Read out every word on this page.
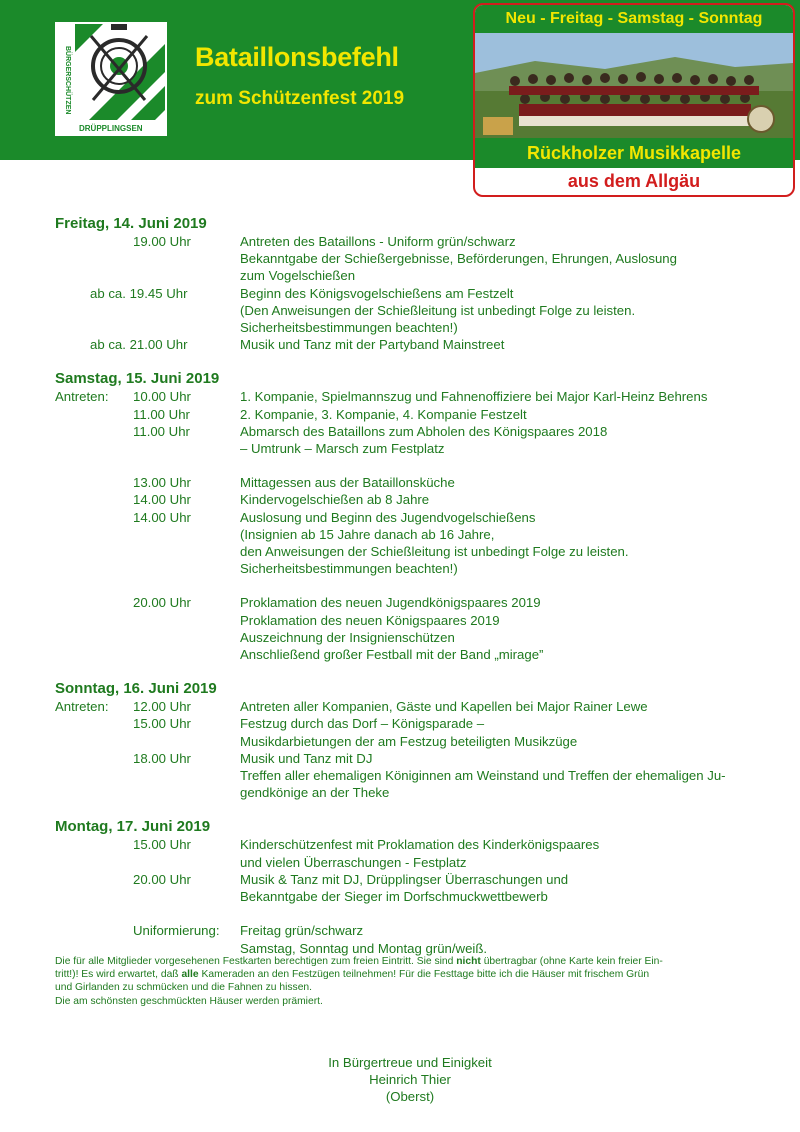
BÜRGERSCHÜTZEN
DRÜPPLINGSEN
Bataillonsbefehl
zum Schützenfest 2019
Neu - Freitag - Samstag - Sonntag
Rückholzer Musikkapelle
aus dem Allgäu
Freitag, 14. Juni 2019
19.00 Uhr	Antreten des Bataillons - Uniform grün/schwarz
Bekanntgabe der Schießergebnisse, Beförderungen, Ehrungen, Auslosung
zum Vogelschießen
ab ca. 19.45 Uhr	Beginn des Königsvogelschießens am Festzelt
(Den Anweisungen der Schießleitung ist unbedingt Folge zu leisten.
Sicherheitsbestimmungen beachten!)
ab ca. 21.00 Uhr	Musik und Tanz mit der Partyband Mainstreet
Samstag, 15. Juni 2019
Antreten:	10.00 Uhr	1. Kompanie, Spielmannszug und Fahnenoffiziere bei Major Karl-Heinz Behrens
11.00 Uhr	2. Kompanie, 3. Kompanie, 4. Kompanie Festzelt
11.00 Uhr	Abmarsch des Bataillons zum Abholen des Königspaares 2018
– Umtrunk – Marsch zum Festplatz
13.00 Uhr	Mittagessen aus der Bataillonsküche
14.00 Uhr	Kindervogelschießen ab 8 Jahre
14.00 Uhr	Auslosung und Beginn des Jugendvogelschießens
(Insignien ab 15 Jahre danach ab 16 Jahre,
den Anweisungen der Schießleitung ist unbedingt Folge zu leisten.
Sicherheitsbestimmungen beachten!)
20.00 Uhr	Proklamation des neuen Jugendkönigspaares 2019
Proklamation des neuen Königspaares 2019
Auszeichnung der Insignienschützen
Anschließend großer Festball mit der Band „mirage”
Sonntag, 16. Juni 2019
Antreten:	12.00 Uhr	Antreten aller Kompanien, Gäste und Kapellen bei Major Rainer Lewe
15.00 Uhr	Festzug durch das Dorf – Königsparade –
Musikdarbietungen der am Festzug beteiligten Musikzüge
18.00 Uhr	Musik und Tanz mit DJ
Treffen aller ehemaligen Königinnen am Weinstand und Treffen der ehemaligen Ju-
gendkönige an der Theke
Montag, 17. Juni 2019
15.00 Uhr	Kinderschützenfest mit Proklamation des Kinderkönigspaares
und vielen Überraschungen - Festplatz
20.00 Uhr	Musik & Tanz mit DJ, Drüpplingser Überraschungen und
Bekanntgabe der Sieger im Dorfschmuckwettbewerb
Uniformierung:	Freitag grün/schwarz
Samstag, Sonntag und Montag grün/weiß.
Die für alle Mitglieder vorgesehenen Festkarten berechtigen zum freien Eintritt. Sie sind nicht übertragbar (ohne Karte kein freier Ein-
tritt!)! Es wird erwartet, daß alle Kameraden an den Festzügen teilnehmen! Für die Festtage bitte ich die Häuser mit frischem Grün
und Girlanden zu schmücken und die Fahnen zu hissen.
Die am schönsten geschmückten Häuser werden prämiert.
In Bürgertreue und Einigkeit
Heinrich Thier
(Oberst)
